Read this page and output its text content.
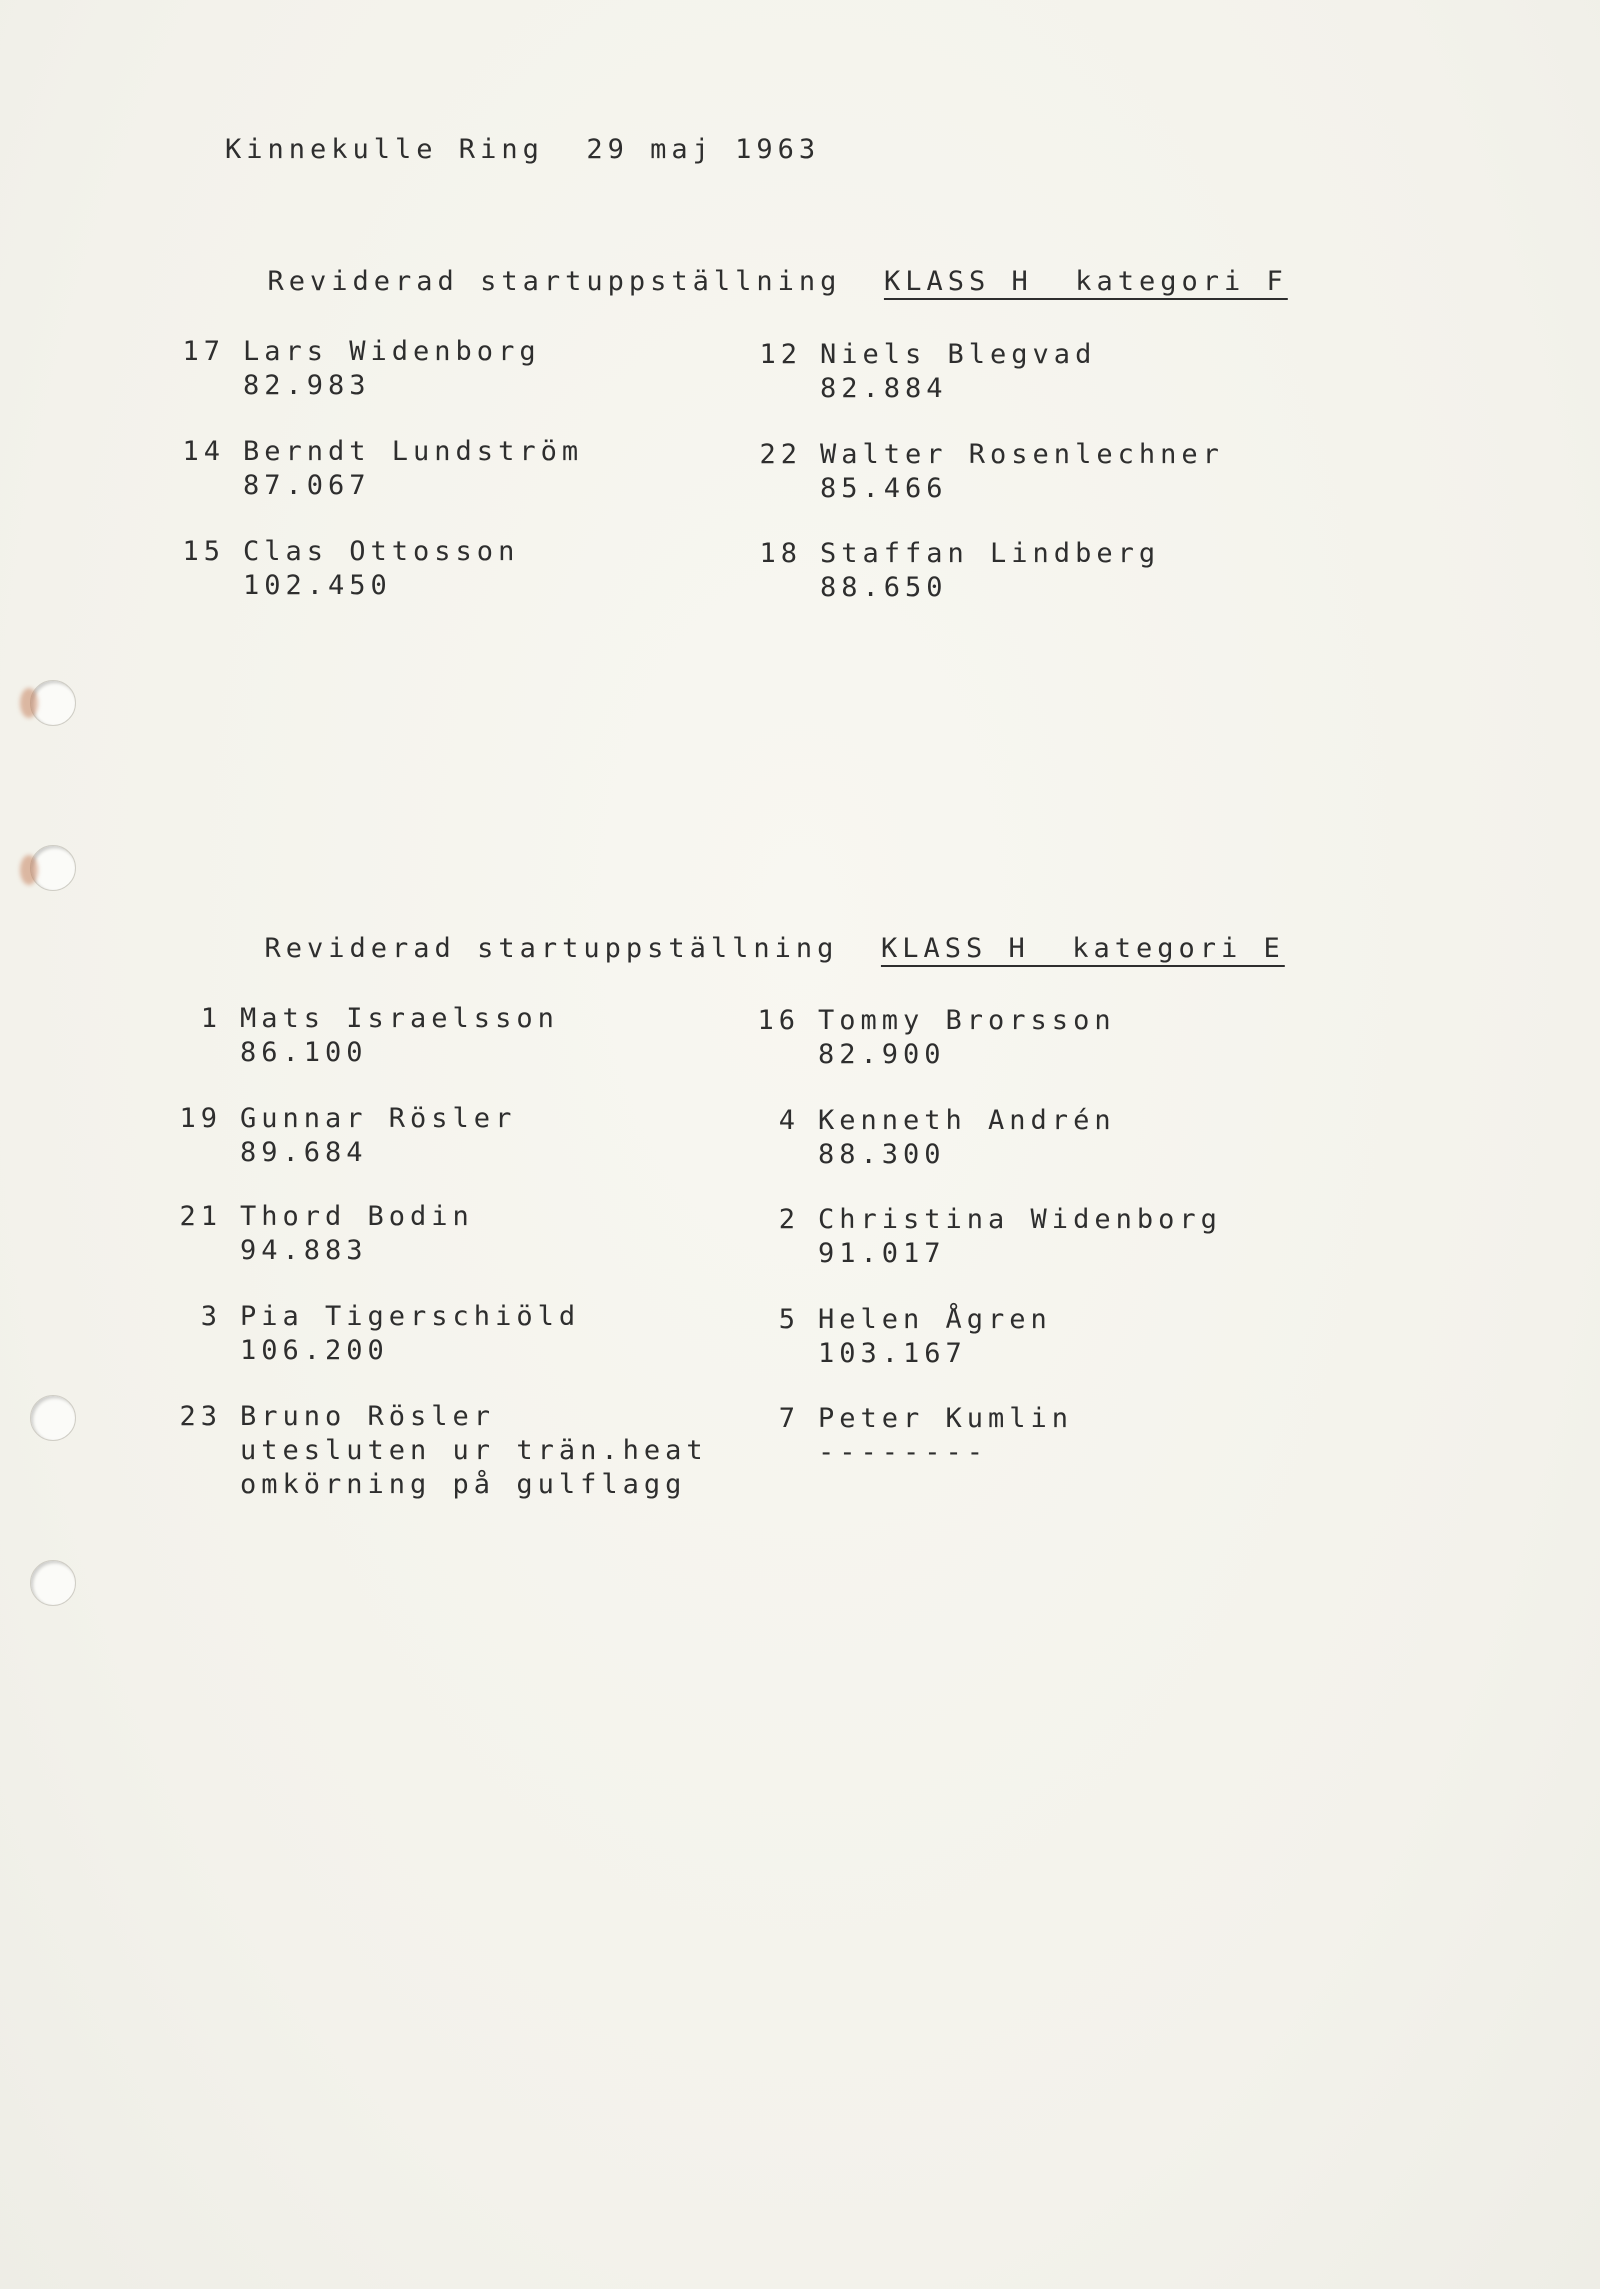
Kinnekulle Ring  29 maj 1963

Reviderad startuppställning KLASS H  kategori F

17 Lars Widenborg
82.983
14 Berndt Lundström
87.067
15 Clas Ottosson
102.450
12 Niels Blegvad
82.884
22 Walter Rosenlechner
85.466
18 Staffan Lindberg
88.650

Reviderad startuppställning KLASS H  kategori E

1 Mats Israelsson
86.100
19 Gunnar Rösler
89.684
21 Thord Bodin
94.883
3 Pia Tigerschiöld
106.200
23 Bruno Rösler
utesluten ur trän.heat
omkörning på gulflagg
16 Tommy Brorsson
82.900
4 Kenneth Andrén
88.300
2 Christina Widenborg
91.017
5 Helen Ågren
103.167
7 Peter Kumlin
--------
